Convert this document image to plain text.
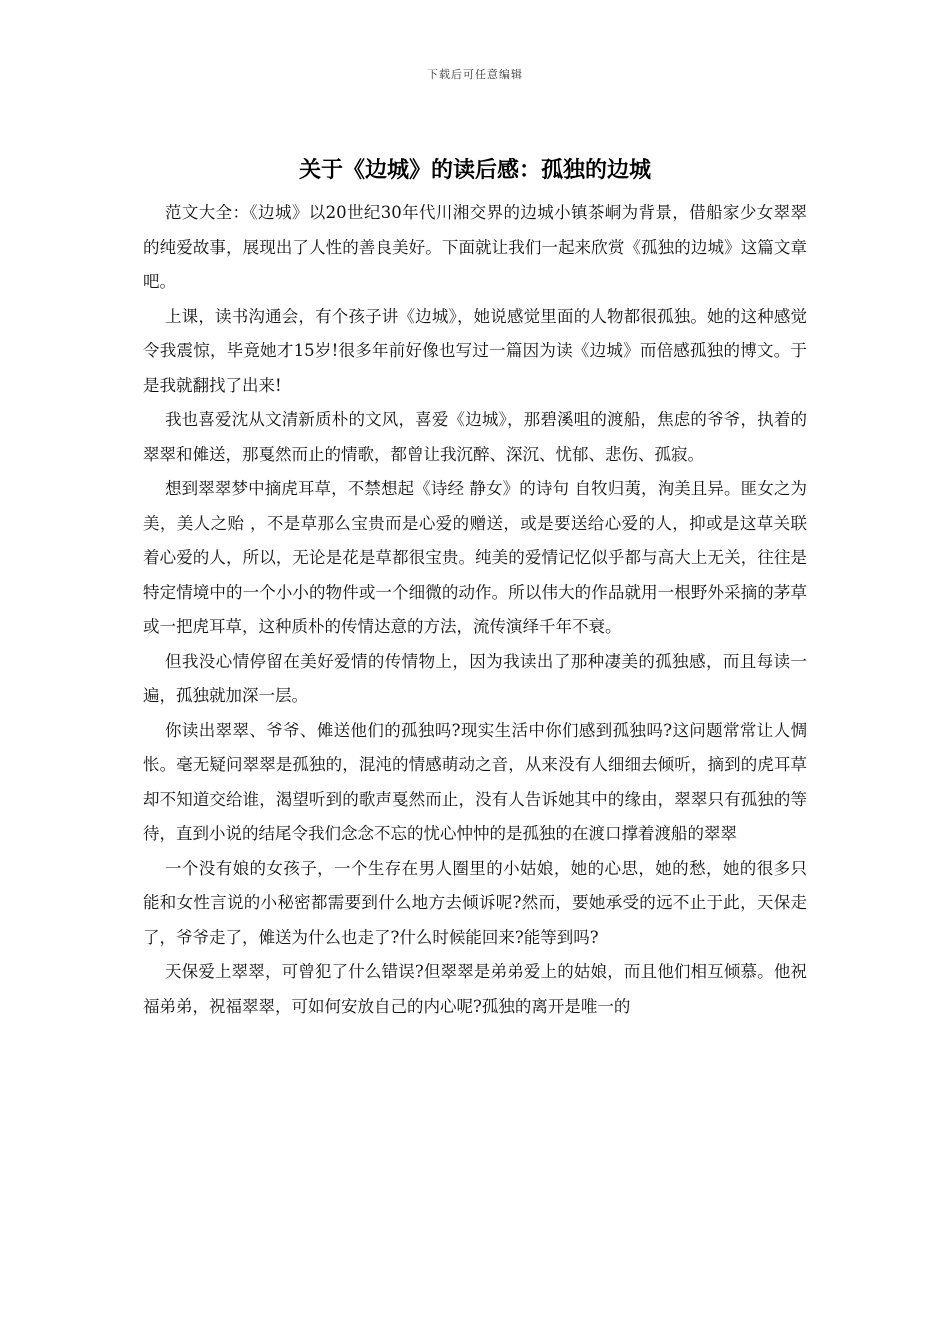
下载后可任意编辑
关于《边城》的读后感：孤独的边城

范文大全：《边城》以20世纪30年代川湘交界的边城小镇茶峒为背景，借船家少女翠翠的纯爱故事，展现出了人性的善良美好。下面就让我们一起来欣赏《孤独的边城》这篇文章吧。

上课，读书沟通会，有个孩子讲《边城》，她说感觉里面的人物都很孤独。她的这种感觉令我震惊，毕竟她才15岁!很多年前好像也写过一篇因为读《边城》而倍感孤独的博文。于是我就翻找了出来!

我也喜爱沈从文清新质朴的文风，喜爱《边城》，那碧溪咀的渡船，焦虑的爷爷，执着的翠翠和傩送，那戛然而止的情歌，都曾让我沉醉、深沉、忧郁、悲伤、孤寂。

想到翠翠梦中摘虎耳草，不禁想起《诗经 静女》的诗句 自牧归荑，洵美且异。匪女之为美，美人之贻 ，不是草那么宝贵而是心爱的赠送，或是要送给心爱的人，抑或是这草关联着心爱的人，所以，无论是花是草都很宝贵。纯美的爱情记忆似乎都与高大上无关，往往是特定情境中的一个小小的物件或一个细微的动作。所以伟大的作品就用一根野外采摘的茅草或一把虎耳草，这种质朴的传情达意的方法，流传演绎千年不衰。

但我没心情停留在美好爱情的传情物上，因为我读出了那种凄美的孤独感，而且每读一遍，孤独就加深一层。

你读出翠翠、爷爷、傩送他们的孤独吗?现实生活中你们感到孤独吗?这问题常常让人惆怅。毫无疑问翠翠是孤独的，混沌的情感萌动之音，从来没有人细细去倾听，摘到的虎耳草却不知道交给谁，渴望听到的歌声戛然而止，没有人告诉她其中的缘由，翠翠只有孤独的等待，直到小说的结尾令我们念念不忘的忧心忡忡的是孤独的在渡口撑着渡船的翠翠

一个没有娘的女孩子，一个生存在男人圈里的小姑娘，她的心思，她的愁，她的很多只能和女性言说的小秘密都需要到什么地方去倾诉呢?然而，要她承受的远不止于此，天保走了，爷爷走了，傩送为什么也走了?什么时候能回来?能等到吗?

天保爱上翠翠，可曾犯了什么错误?但翠翠是弟弟爱上的姑娘，而且他们相互倾慕。他祝福弟弟，祝福翠翠，可如何安放自己的内心呢?孤独的离开是唯一的
